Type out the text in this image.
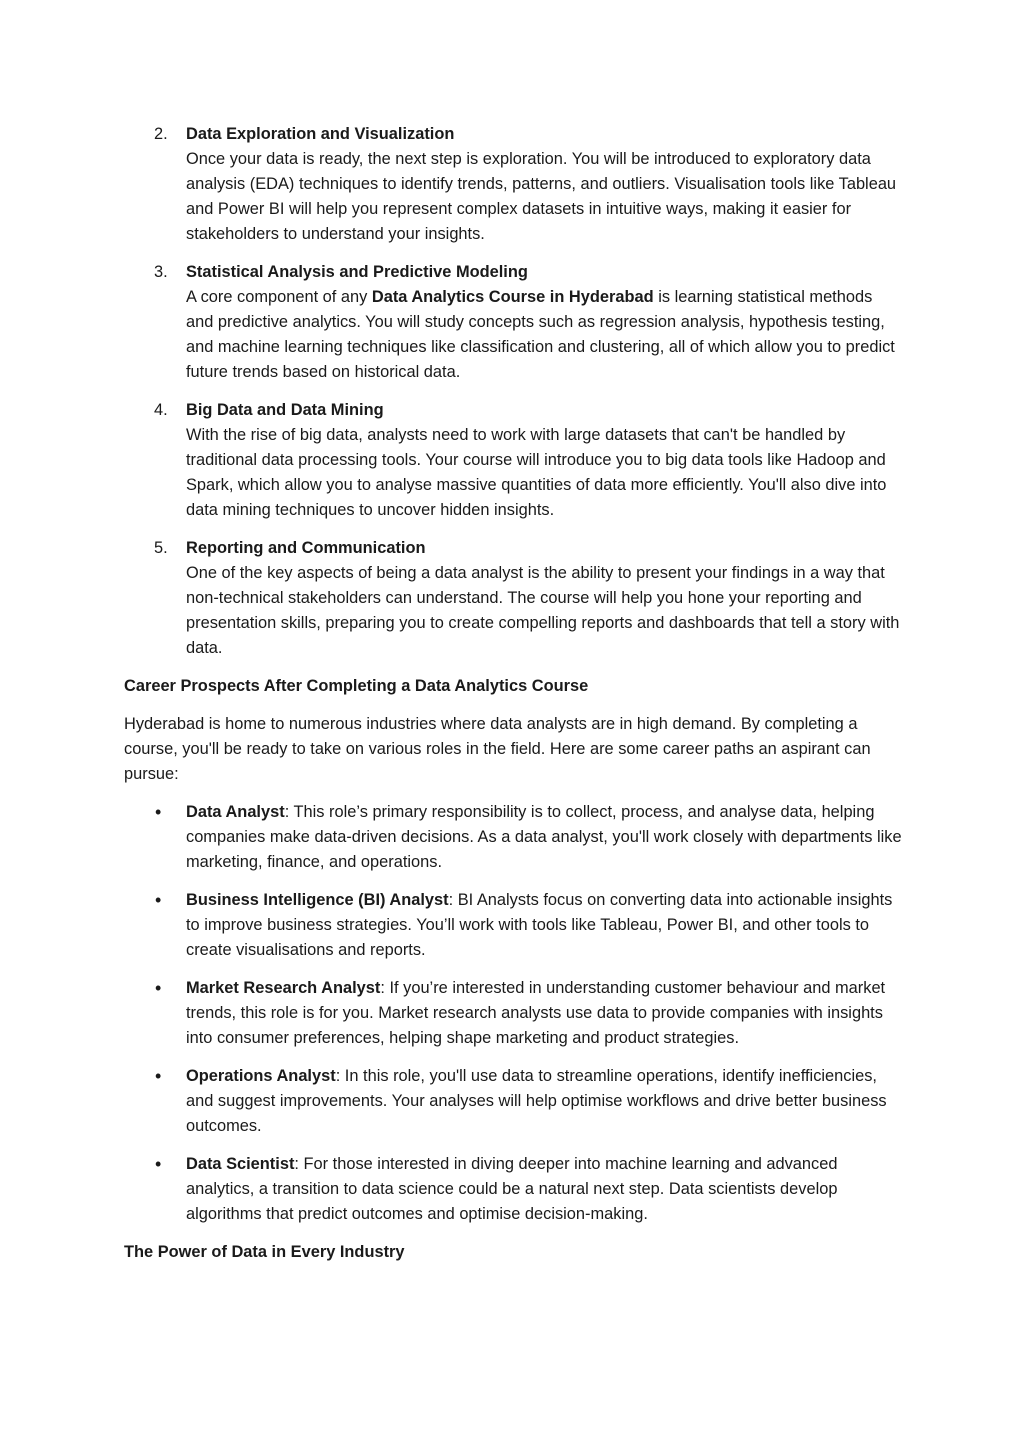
2. Data Exploration and Visualization
Once your data is ready, the next step is exploration. You will be introduced to exploratory data analysis (EDA) techniques to identify trends, patterns, and outliers. Visualisation tools like Tableau and Power BI will help you represent complex datasets in intuitive ways, making it easier for stakeholders to understand your insights.
3. Statistical Analysis and Predictive Modeling
A core component of any Data Analytics Course in Hyderabad is learning statistical methods and predictive analytics. You will study concepts such as regression analysis, hypothesis testing, and machine learning techniques like classification and clustering, all of which allow you to predict future trends based on historical data.
4. Big Data and Data Mining
With the rise of big data, analysts need to work with large datasets that can't be handled by traditional data processing tools. Your course will introduce you to big data tools like Hadoop and Spark, which allow you to analyse massive quantities of data more efficiently. You'll also dive into data mining techniques to uncover hidden insights.
5. Reporting and Communication
One of the key aspects of being a data analyst is the ability to present your findings in a way that non-technical stakeholders can understand. The course will help you hone your reporting and presentation skills, preparing you to create compelling reports and dashboards that tell a story with data.

Career Prospects After Completing a Data Analytics Course

Hyderabad is home to numerous industries where data analysts are in high demand. By completing a course, you'll be ready to take on various roles in the field. Here are some career paths an aspirant can pursue:

• Data Analyst: This role’s primary responsibility is to collect, process, and analyse data, helping companies make data-driven decisions. As a data analyst, you'll work closely with departments like marketing, finance, and operations.
• Business Intelligence (BI) Analyst: BI Analysts focus on converting data into actionable insights to improve business strategies. You’ll work with tools like Tableau, Power BI, and other tools to create visualisations and reports.
• Market Research Analyst: If you’re interested in understanding customer behaviour and market trends, this role is for you. Market research analysts use data to provide companies with insights into consumer preferences, helping shape marketing and product strategies.
• Operations Analyst: In this role, you'll use data to streamline operations, identify inefficiencies, and suggest improvements. Your analyses will help optimise workflows and drive better business outcomes.
• Data Scientist: For those interested in diving deeper into machine learning and advanced analytics, a transition to data science could be a natural next step. Data scientists develop algorithms that predict outcomes and optimise decision-making.

The Power of Data in Every Industry
